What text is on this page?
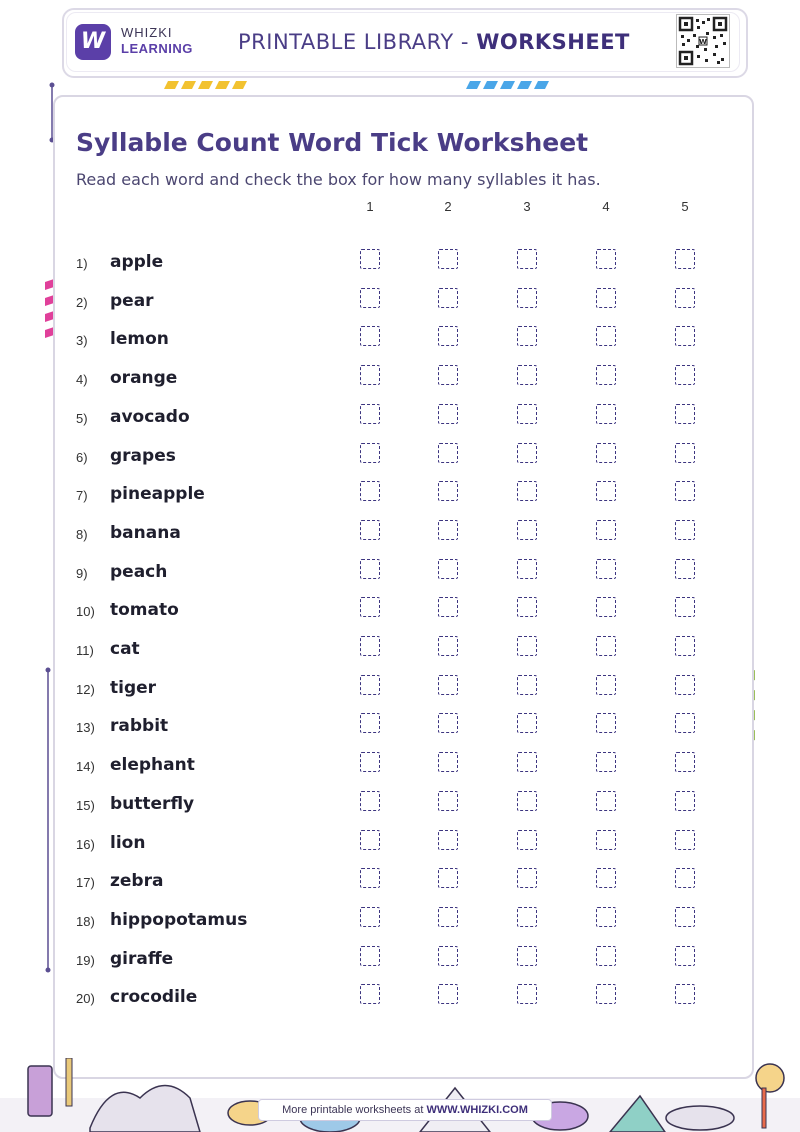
W	WHIZKI
LEARNING PRINTABLE LIBRARY - WORKSHEET	W
Syllable Count Word Tick Worksheet
Read each word and check the box for how many syllables it has.
1	2	3	4	5
1) apple
2) pear
3) lemon
4) orange
5) avocado
6) grapes
7) pineapple
8) banana
9) peach
10) tomato
11) cat
12) tiger
13) rabbit
14) elephant
15) butterfly
16) lion
17) zebra
18) hippopotamus
19) giraffe
20) crocodile
More printable worksheets at WWW.WHIZKI.COM
